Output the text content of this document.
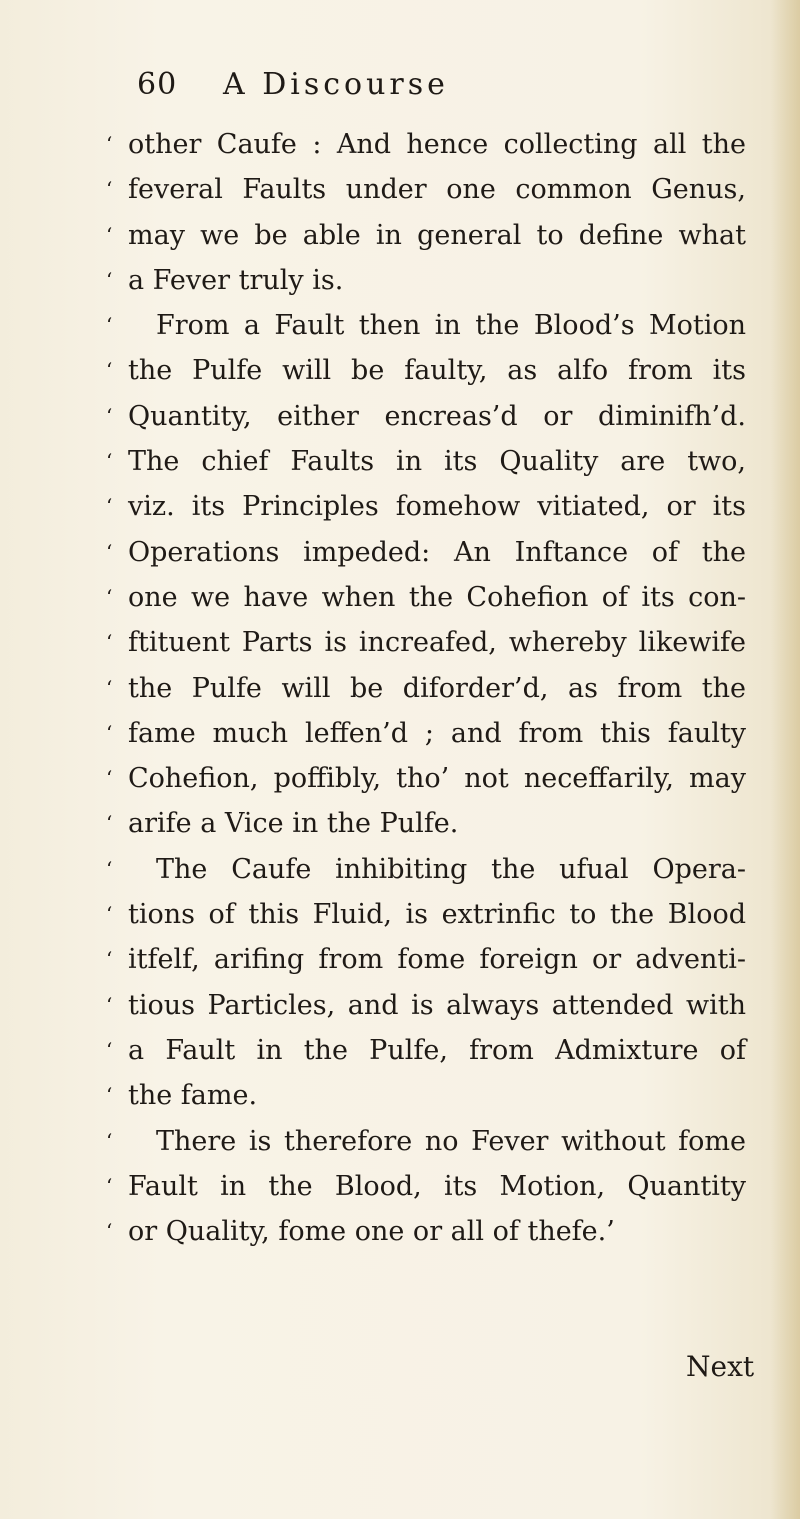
60 A Discourse
‘ other Caufe : And hence collecting all the
‘ feveral Faults under one common Genus,
‘ may we be able in general to define what
‘ a Fever truly is.
‘	From a Fault then in the Blood’s Motion
‘ the Pulfe will be faulty, as alfo from its
‘ Quantity, either encreas’d or diminifh’d.
‘ The chief Faults in its Quality are two,
‘ viz. its Principles fomehow vitiated, or its
‘ Operations impeded: An Inftance of the
‘ one we have when the Cohefion of its con-
‘ ftituent Parts is increafed, whereby likewife
‘ the Pulfe will be diforder’d, as from the
‘ fame much leffen’d ; and from this faulty
‘ Cohefion, poffibly, tho’ not neceffarily, may
‘ arife a Vice in the Pulfe.
‘	The Caufe inhibiting the ufual Opera-
‘ tions of this Fluid, is extrinfic to the Blood
‘ itfelf, arifing from fome foreign or adventi-
‘ tious Particles, and is always attended with
‘ a Fault in the Pulfe, from Admixture of
‘ the fame.
‘	There is therefore no Fever without fome
‘ Fault in the Blood, its Motion, Quantity
‘ or Quality, fome one or all of thefe.’
Next
